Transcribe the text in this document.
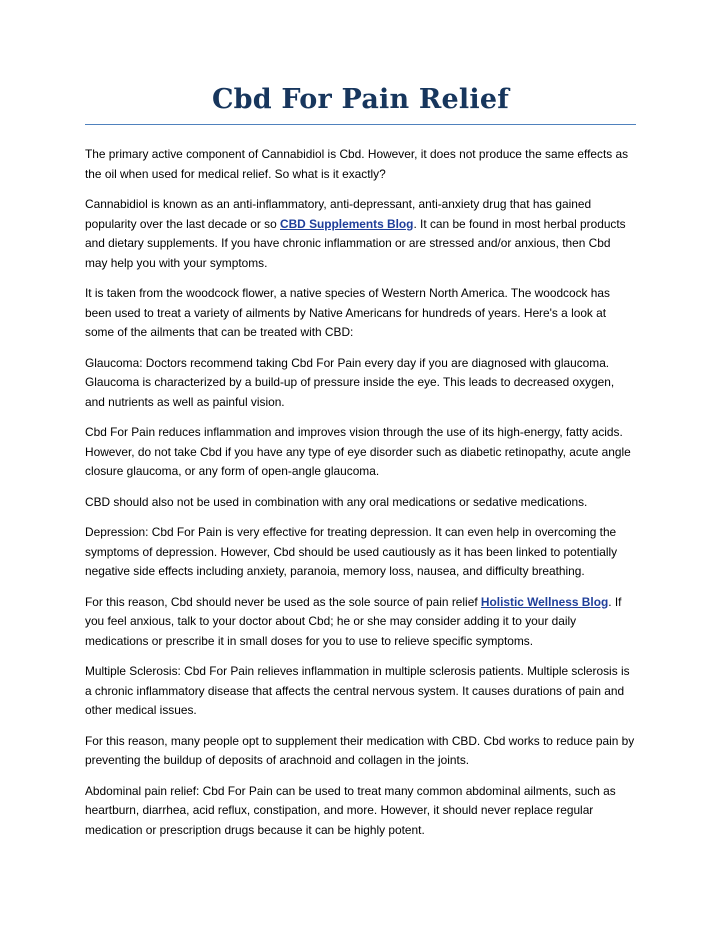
Cbd For Pain Relief

The primary active component of Cannabidiol is Cbd. However, it does not produce the same effects as the oil when used for medical relief. So what is it exactly?

Cannabidiol is known as an anti-inflammatory, anti-depressant, anti-anxiety drug that has gained popularity over the last decade or so CBD Supplements Blog. It can be found in most herbal products and dietary supplements. If you have chronic inflammation or are stressed and/or anxious, then Cbd may help you with your symptoms.

It is taken from the woodcock flower, a native species of Western North America. The woodcock has been used to treat a variety of ailments by Native Americans for hundreds of years. Here's a look at some of the ailments that can be treated with CBD:

Glaucoma: Doctors recommend taking Cbd For Pain every day if you are diagnosed with glaucoma. Glaucoma is characterized by a build-up of pressure inside the eye. This leads to decreased oxygen, and nutrients as well as painful vision.

Cbd For Pain reduces inflammation and improves vision through the use of its high-energy, fatty acids. However, do not take Cbd if you have any type of eye disorder such as diabetic retinopathy, acute angle closure glaucoma, or any form of open-angle glaucoma.

CBD should also not be used in combination with any oral medications or sedative medications.

Depression: Cbd For Pain is very effective for treating depression. It can even help in overcoming the symptoms of depression. However, Cbd should be used cautiously as it has been linked to potentially negative side effects including anxiety, paranoia, memory loss, nausea, and difficulty breathing.

For this reason, Cbd should never be used as the sole source of pain relief Holistic Wellness Blog. If you feel anxious, talk to your doctor about Cbd; he or she may consider adding it to your daily medications or prescribe it in small doses for you to use to relieve specific symptoms.

Multiple Sclerosis: Cbd For Pain relieves inflammation in multiple sclerosis patients. Multiple sclerosis is a chronic inflammatory disease that affects the central nervous system. It causes durations of pain and other medical issues.

For this reason, many people opt to supplement their medication with CBD. Cbd works to reduce pain by preventing the buildup of deposits of arachnoid and collagen in the joints.

Abdominal pain relief: Cbd For Pain can be used to treat many common abdominal ailments, such as heartburn, diarrhea, acid reflux, constipation, and more. However, it should never replace regular medication or prescription drugs because it can be highly potent.
